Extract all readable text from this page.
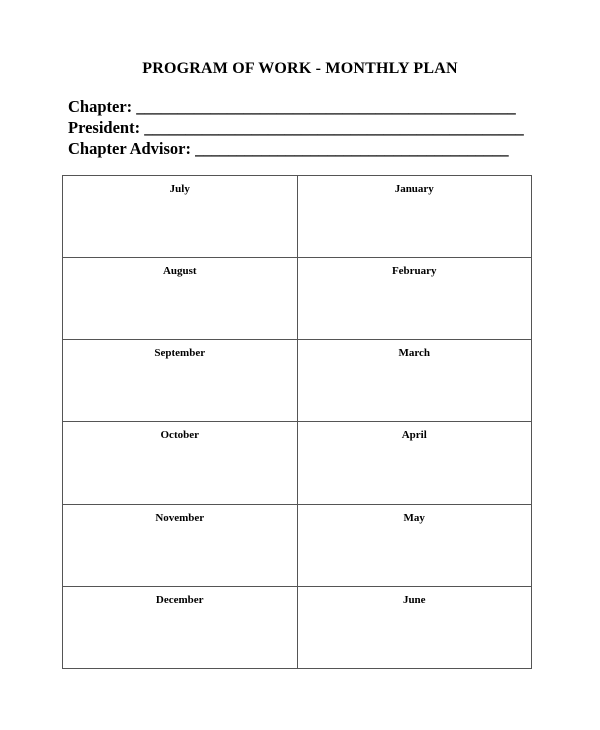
PROGRAM OF WORK - MONTHLY PLAN
Chapter: ______________________________________________
President: ______________________________________________
Chapter Advisor: ______________________________________
July	January
August	February
September	March
October	April
November	May
December	June
